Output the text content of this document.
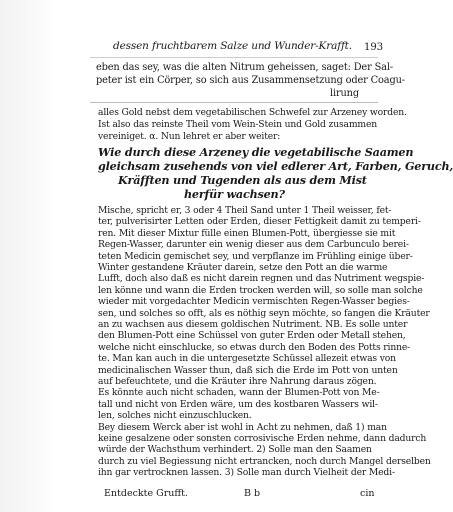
dessen fruchtbarem Salze und Wunder-Krafft. 193
eben das sey, was die alten Nitrum geheissen, saget: Der Sal-
peter ist ein Cörper, so sich aus Zusammensetzung oder Coagu-
lirung
alles Gold nebst dem vegetabilischen Schwefel zur Arzeney worden.
Ist also das reinste Theil vom Wein-Stein und Gold zusammen
vereiniget. α. Nun lehret er aber weiter:
Wie durch diese Arzeney die vegetabilische Saamen
gleichsam zusehends von viel edlerer Art, Farben, Geruch,
Kräfften und Tugenden als aus dem Mist
herfür wachsen?
Mische, spricht er, 3 oder 4 Theil Sand unter 1 Theil weisser, fet-
ter, pulverisirter Letten oder Erden, dieser Fettigkeit damit zu temperi-
ren. Mit dieser Mixtur fülle einen Blumen-Pott, übergiesse sie mit
Regen-Wasser, darunter ein wenig dieser aus dem Carbunculo berei-
teten Medicin gemischet sey, und verpflanze im Frühling einige über-
Winter gestandene Kräuter darein, setze den Pott an die warme
Lufft, doch also daß es nicht darein regnen und das Nutriment wegspie-
len könne und wann die Erden trocken werden will, so solle man solche
wieder mit vorgedachter Medicin vermischten Regen-Wasser begies-
sen, und solches so offt, als es nöthig seyn möchte, so fangen die Kräuter
an zu wachsen aus diesem goldischen Nutriment. NB. Es solle unter
den Blumen-Pott eine Schüssel von guter Erden oder Metall stehen,
welche nicht einschlucke, so etwas durch den Boden des Potts rinne-
te. Man kan auch in die untergesetzte Schüssel allezeit etwas von
medicinalischen Wasser thun, daß sich die Erde im Pott von unten
auf befeuchtete, und die Kräuter ihre Nahrung daraus zögen.
Es könnte auch nicht schaden, wann der Blumen-Pott von Me-
tall und nicht von Erden wäre, um des kostbaren Wassers wil-
len, solches nicht einzuschlucken.
Bey diesem Werck aber ist wohl in Acht zu nehmen, daß 1) man
keine gesalzene oder sonsten corrosivische Erden nehme, dann dadurch
würde der Wachsthum verhindert. 2) Solle man den Saamen
durch zu viel Begiessung nicht ertrancken, noch durch Mangel derselben
ihn gar vertrocknen lassen. 3) Solle man durch Vielheit der Medi-
Entdeckte Grufft.	B b	cin
